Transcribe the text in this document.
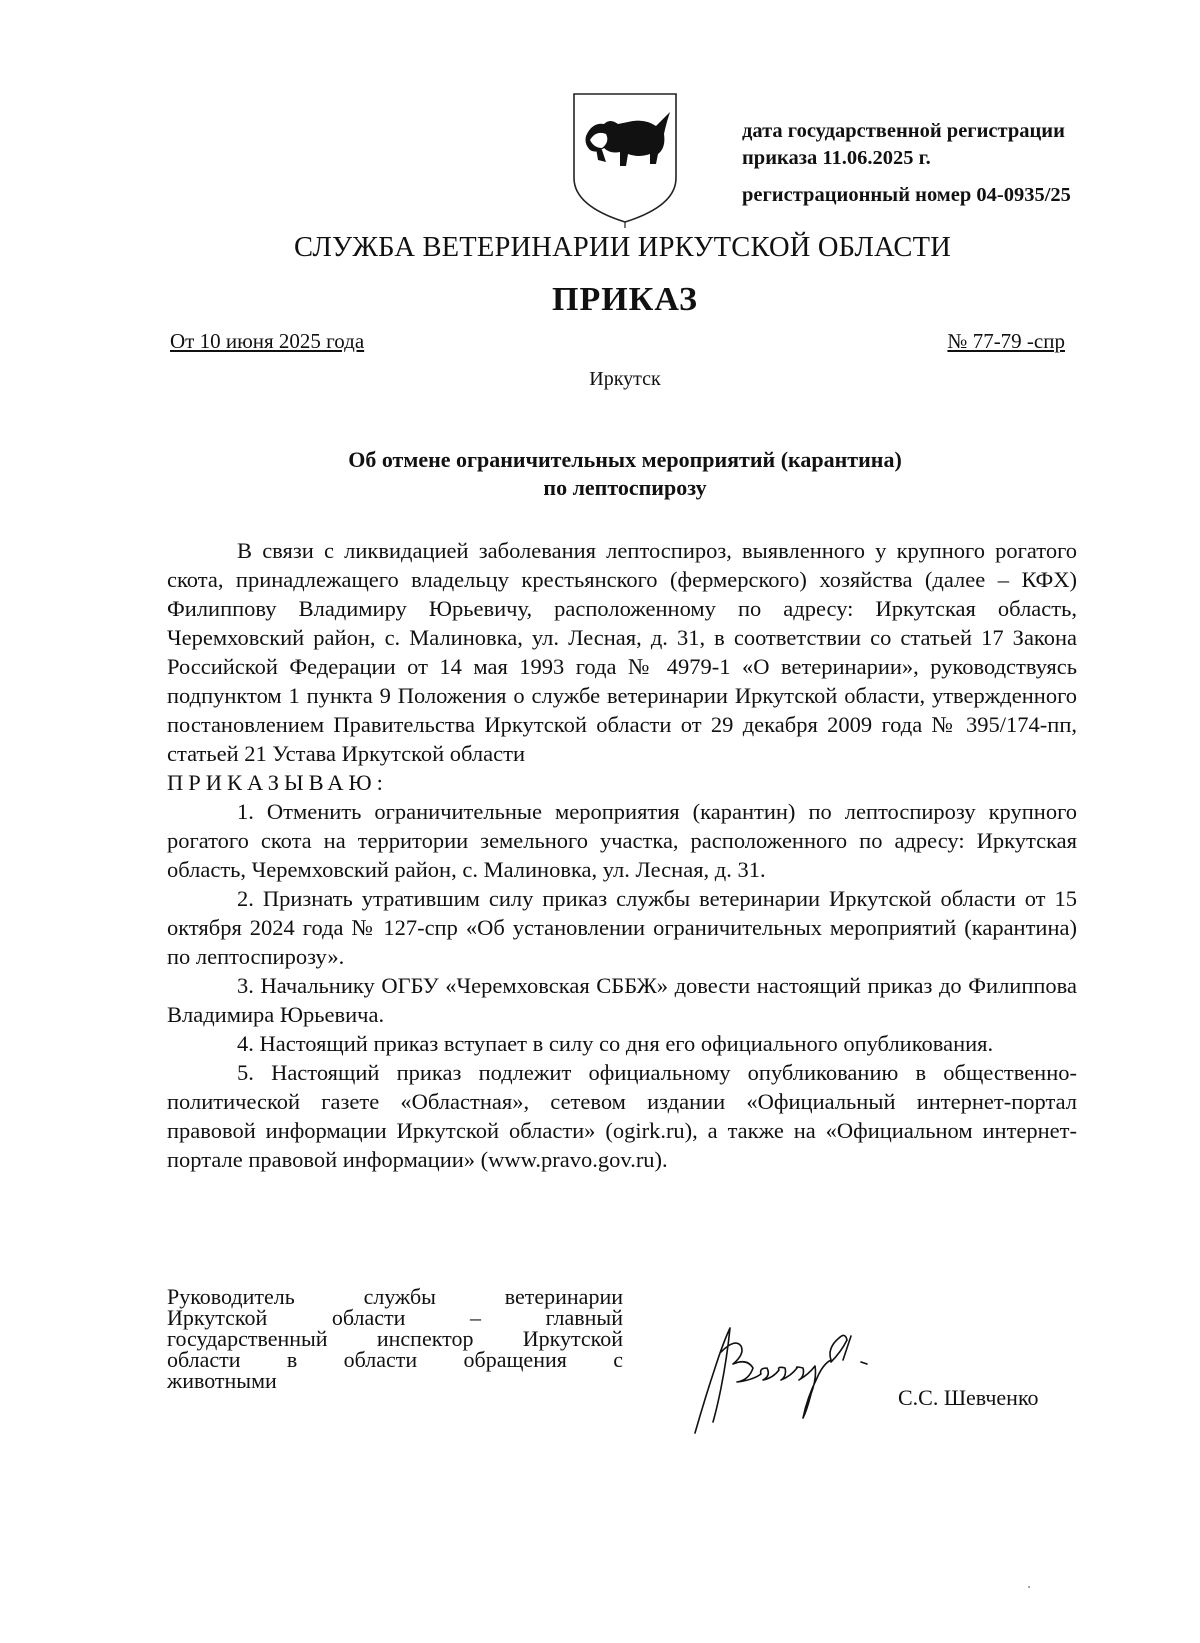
дата государственной регистрации
приказа 11.06.2025 г.
регистрационный номер 04-0935/25
СЛУЖБА ВЕТЕРИНАРИИ ИРКУТСКОЙ ОБЛАСТИ
ПРИКАЗ
От 10 июня 2025 года	№ 77-79 -спр
Иркутск
Об отмене ограничительных мероприятий (карантина)
по лептоспирозу

В связи с ликвидацией заболевания лептоспироз, выявленного у крупного рогатого скота, принадлежащего владельцу крестьянского (фермерского) хозяйства (далее – КФХ) Филиппову Владимиру Юрьевичу, расположенному по адресу: Иркутская область, Черемховский район, с. Малиновка, ул. Лесная, д. 31, в соответствии со статьей 17 Закона Российской Федерации от 14 мая 1993 года № 4979-1 «О ветеринарии», руководствуясь подпунктом 1 пункта 9 Положения о службе ветеринарии Иркутской области, утвержденного постановлением Правительства Иркутской области от 29 декабря 2009 года № 395/174-пп, статьей 21 Устава Иркутской области

ПРИКАЗЫВАЮ:

1. Отменить ограничительные мероприятия (карантин) по лептоспирозу крупного рогатого скота на территории земельного участка, расположенного по адресу: Иркутская область, Черемховский район, с. Малиновка, ул. Лесная, д. 31.

2. Признать утратившим силу приказ службы ветеринарии Иркутской области от 15 октября 2024 года № 127-спр «Об установлении ограничительных мероприятий (карантина) по лептоспирозу».

3. Начальнику ОГБУ «Черемховская СББЖ» довести настоящий приказ до Филиппова Владимира Юрьевича.

4. Настоящий приказ вступает в силу со дня его официального опубликования.

5. Настоящий приказ подлежит официальному опубликованию в общественно-политической газете «Областная», сетевом издании «Официальный интернет-портал правовой информации Иркутской области» (ogirk.ru), а также на «Официальном интернет-портале правовой информации» (www.pravo.gov.ru).

Руководитель службы ветеринарии
Иркутской области – главный
государственный инспектор Иркутской
области в области обращения с
животными
С.С. Шевченко
